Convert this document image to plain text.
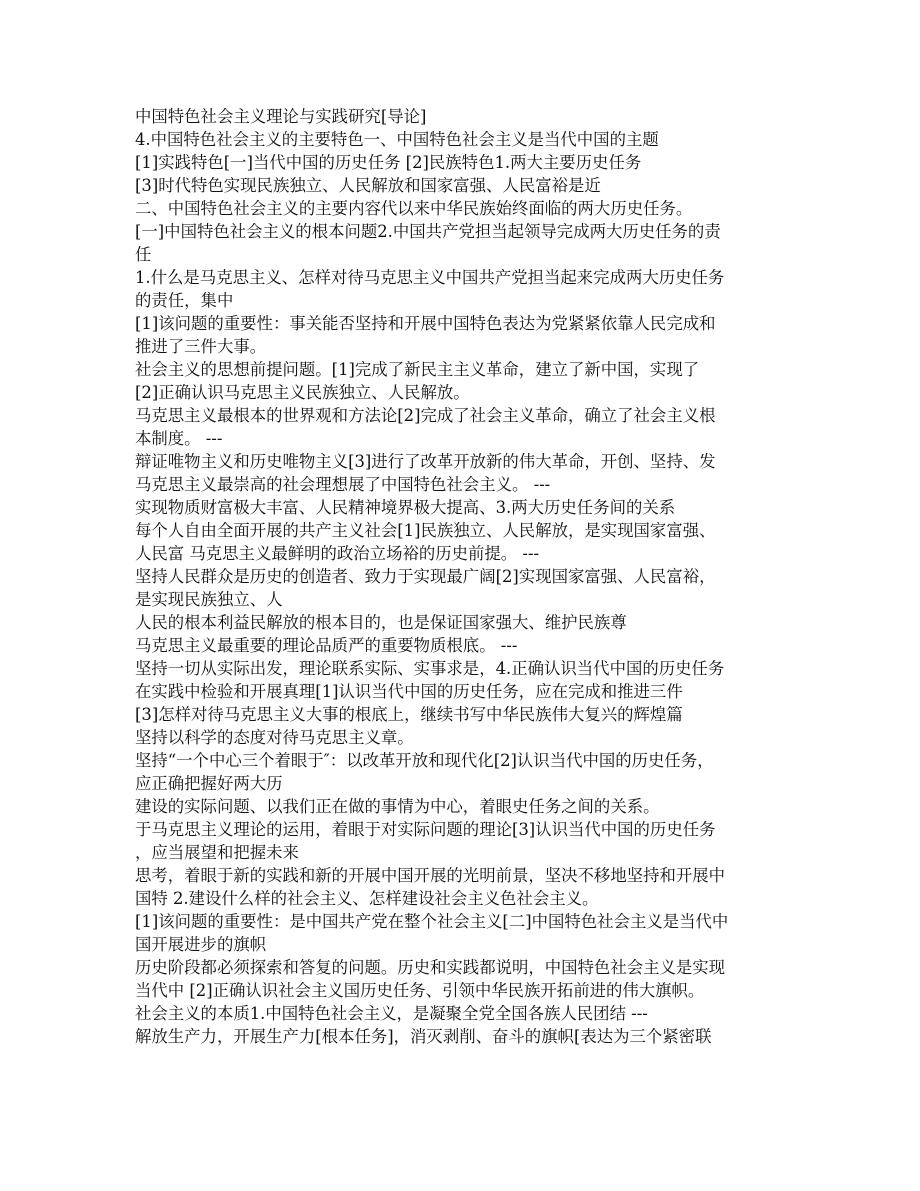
中国特色社会主义理论与实践研究[导论]
4.中国特色社会主义的主要特色一、中国特色社会主义是当代中国的主题
[1]实践特色[一]当代中国的历史任务 [2]民族特色1.两大主要历史任务
[3]时代特色实现民族独立、人民解放和国家富强、人民富裕是近
二、中国特色社会主义的主要内容代以来中华民族始终面临的两大历史任务。
[一]中国特色社会主义的根本问题2.中国共产党担当起领导完成两大历史任务的责
任
1.什么是马克思主义、怎样对待马克思主义中国共产党担当起来完成两大历史任务
的责任，集中
[1]该问题的重要性：事关能否坚持和开展中国特色表达为党紧紧依靠人民完成和
推进了三件大事。
社会主义的思想前提问题。[1]完成了新民主主义革命，建立了新中国，实现了
[2]正确认识马克思主义民族独立、人民解放。
马克思主义最根本的世界观和方法论[2]完成了社会主义革命，确立了社会主义根
本制度。 ---
辩证唯物主义和历史唯物主义[3]进行了改革开放新的伟大革命，开创、坚持、发
马克思主义最崇高的社会理想展了中国特色社会主义。 ---
实现物质财富极大丰富、人民精神境界极大提高、3.两大历史任务间的关系
每个人自由全面开展的共产主义社会[1]民族独立、人民解放，是实现国家富强、
人民富 马克思主义最鲜明的政治立场裕的历史前提。 ---
坚持人民群众是历史的创造者、致力于实现最广阔[2]实现国家富强、人民富裕，
是实现民族独立、人
人民的根本利益民解放的根本目的，也是保证国家强大、维护民族尊
马克思主义最重要的理论品质严的重要物质根底。 ---
坚持一切从实际出发，理论联系实际、实事求是，4.正确认识当代中国的历史任务
在实践中检验和开展真理[1]认识当代中国的历史任务，应在完成和推进三件
[3]怎样对待马克思主义大事的根底上，继续书写中华民族伟大复兴的辉煌篇
坚持以科学的态度对待马克思主义章。
坚持“一个中心三个着眼于″：以改革开放和现代化[2]认识当代中国的历史任务，
应正确把握好两大历
建设的实际问题、以我们正在做的事情为中心，着眼史任务之间的关系。
于马克思主义理论的运用，着眼于对实际问题的理论[3]认识当代中国的历史任务
，应当展望和把握未来
思考，着眼于新的实践和新的开展中国开展的光明前景，坚决不移地坚持和开展中
国特 2.建设什么样的社会主义、怎样建设社会主义色社会主义。
[1]该问题的重要性：是中国共产党在整个社会主义[二]中国特色社会主义是当代中
国开展进步的旗帜
历史阶段都必须探索和答复的问题。历史和实践都说明，中国特色社会主义是实现
当代中 [2]正确认识社会主义国历史任务、引领中华民族开拓前进的伟大旗帜。
社会主义的本质1.中国特色社会主义，是凝聚全党全国各族人民团结 ---
解放生产力，开展生产力[根本任务]，消灭剥削、奋斗的旗帜[表达为三个紧密联
